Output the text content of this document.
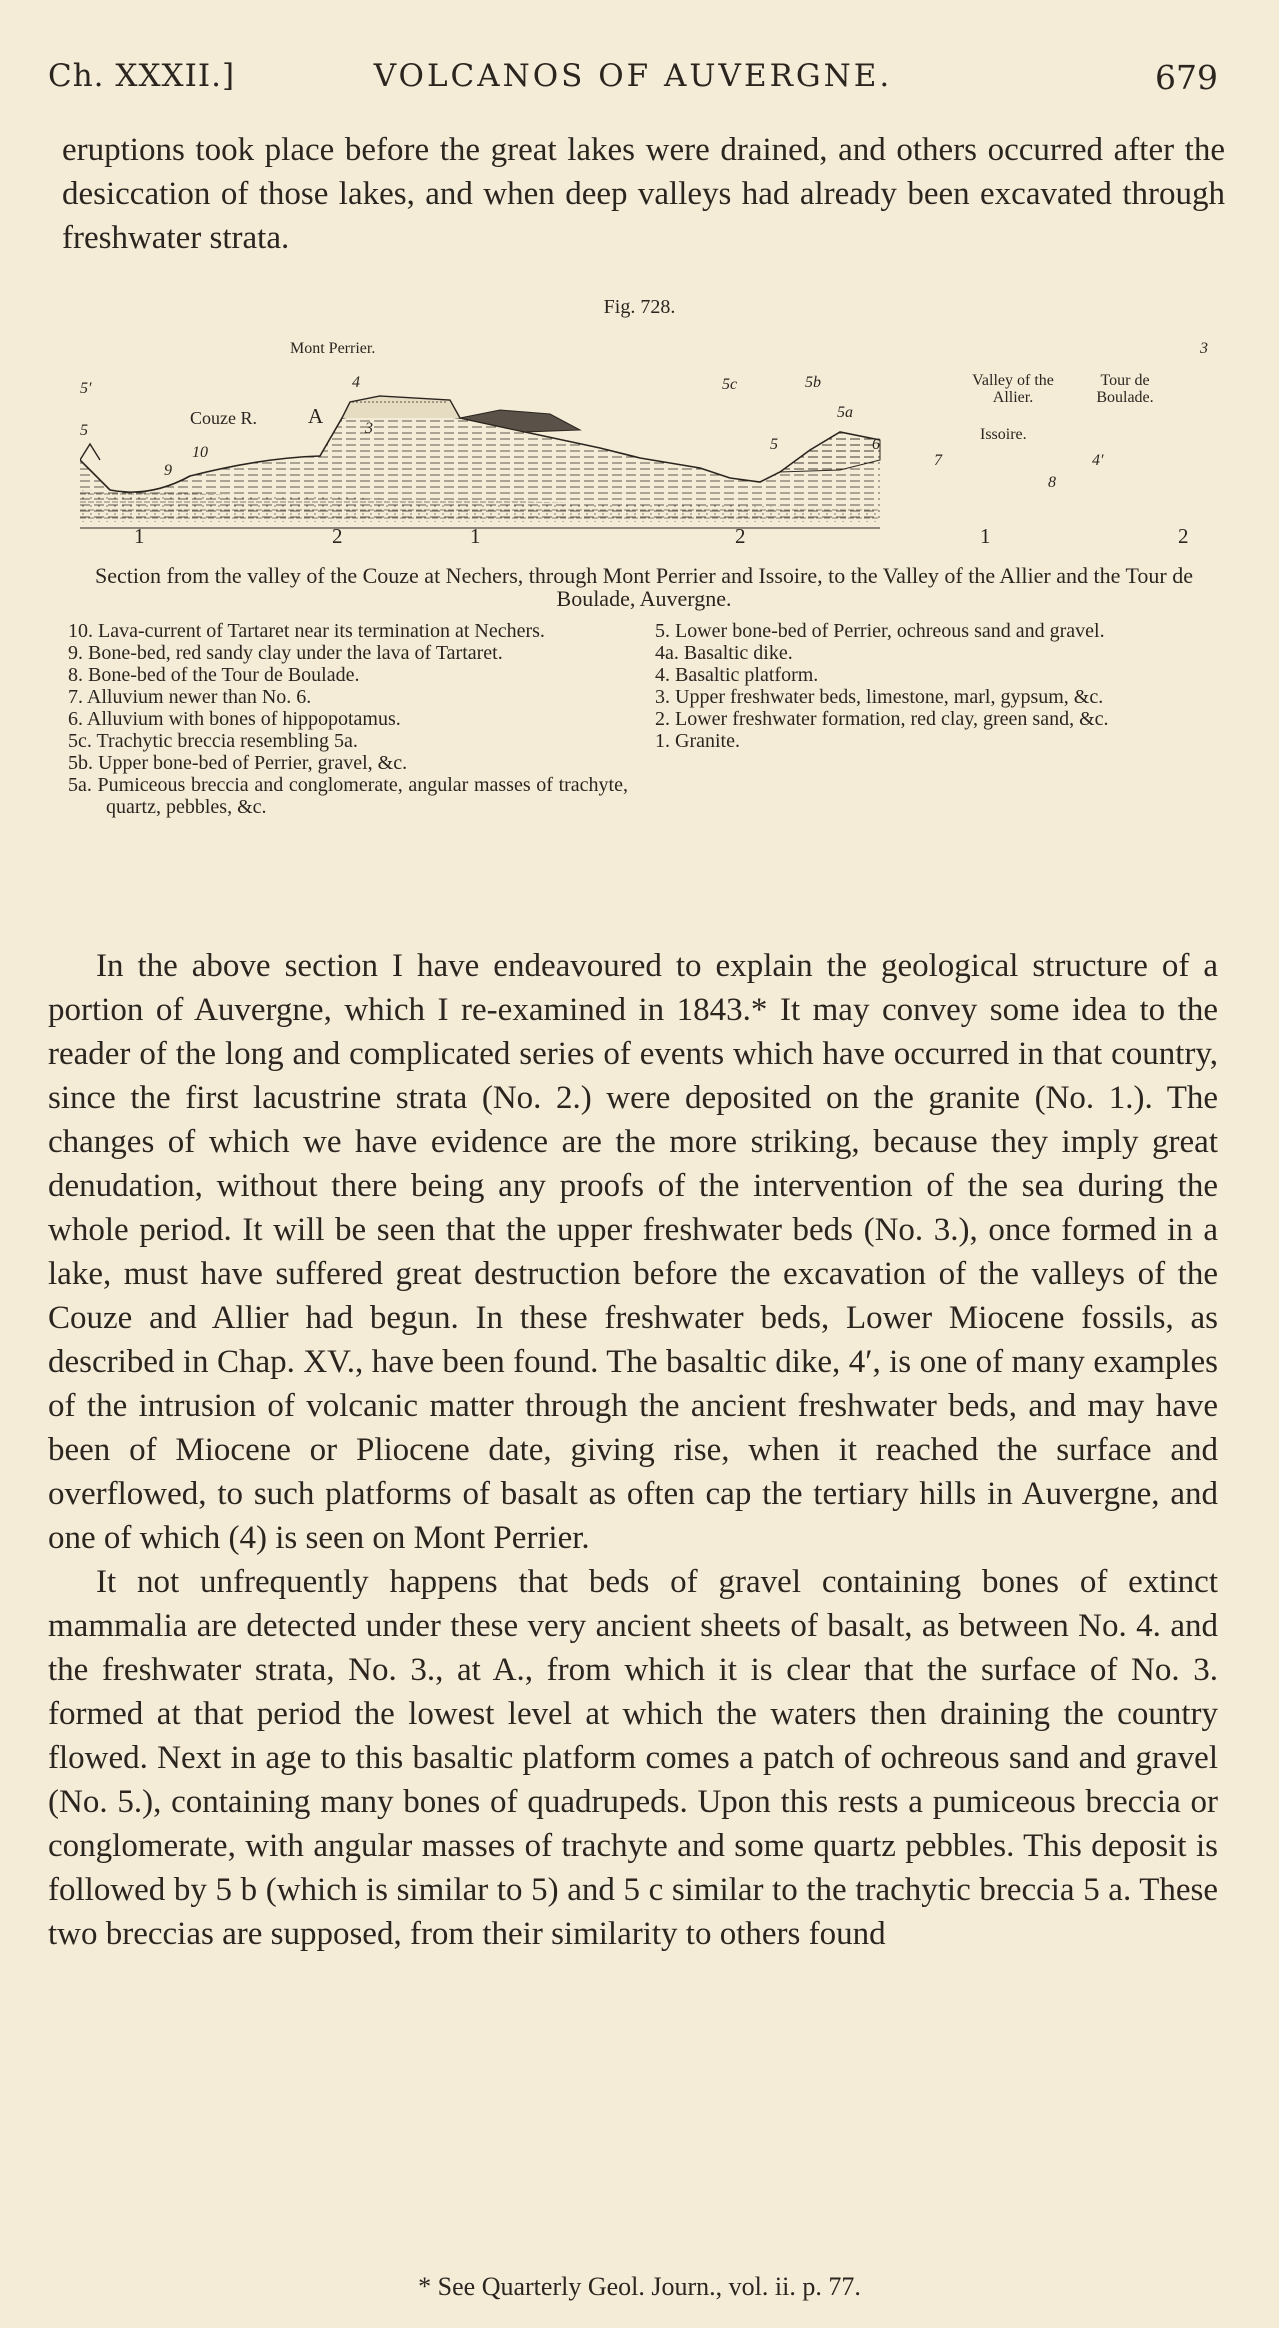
Ch. XXXII.]	VOLCANOS OF AUVERGNE.	679

eruptions took place before the great lakes were drained, and others occurred after the desiccation of those lakes, and when deep valleys had already been excavated through freshwater strata.

Fig. 728.
Mont Perrier.
Couze R.
Valley of the Allier.
Tour de Boulade.
Issoire.
A
5′
5
10
9
4
3
3
5c	5b
5a
5	6
7
8
4′
1	2	1	2	1	2
Section from the valley of the Couze at Nechers, through Mont Perrier and Issoire, to the Valley of the Allier and the Tour de Boulade, Auvergne.

10. Lava-current of Tartaret near its termination at Nechers.

9. Bone-bed, red sandy clay under the lava of Tartaret.

8. Bone-bed of the Tour de Boulade.

7. Alluvium newer than No. 6.

6. Alluvium with bones of hippopotamus.

5c. Trachytic breccia resembling 5a.

5b. Upper bone-bed of Perrier, gravel, &c.

5a. Pumiceous breccia and conglomerate, angular masses of trachyte, quartz, pebbles, &c.

5. Lower bone-bed of Perrier, ochreous sand and gravel.

4a. Basaltic dike.

4. Basaltic platform.

3. Upper freshwater beds, limestone, marl, gypsum, &c.

2. Lower freshwater formation, red clay, green sand, &c.

1. Granite.

In the above section I have endeavoured to explain the geological structure of a portion of Auvergne, which I re-examined in 1843.* It may convey some idea to the reader of the long and complicated series of events which have occurred in that country, since the first lacustrine strata (No. 2.) were deposited on the granite (No. 1.). The changes of which we have evidence are the more striking, because they imply great denudation, without there being any proofs of the intervention of the sea during the whole period. It will be seen that the upper freshwater beds (No. 3.), once formed in a lake, must have suffered great destruction before the excavation of the valleys of the Couze and Allier had begun. In these freshwater beds, Lower Miocene fossils, as described in Chap. XV., have been found. The basaltic dike, 4′, is one of many examples of the intrusion of volcanic matter through the ancient freshwater beds, and may have been of Miocene or Pliocene date, giving rise, when it reached the surface and overflowed, to such platforms of basalt as often cap the tertiary hills in Auvergne, and one of which (4) is seen on Mont Perrier.

It not unfrequently happens that beds of gravel containing bones of extinct mammalia are detected under these very ancient sheets of basalt, as between No. 4. and the freshwater strata, No. 3., at A., from which it is clear that the surface of No. 3. formed at that period the lowest level at which the waters then draining the country flowed. Next in age to this basaltic platform comes a patch of ochreous sand and gravel (No. 5.), containing many bones of quadrupeds. Upon this rests a pumiceous breccia or conglomerate, with angular masses of trachyte and some quartz pebbles. This deposit is followed by 5 b (which is similar to 5) and 5 c similar to the trachytic breccia 5 a. These two breccias are supposed, from their similarity to others found

* See Quarterly Geol. Journ., vol. ii. p. 77.
